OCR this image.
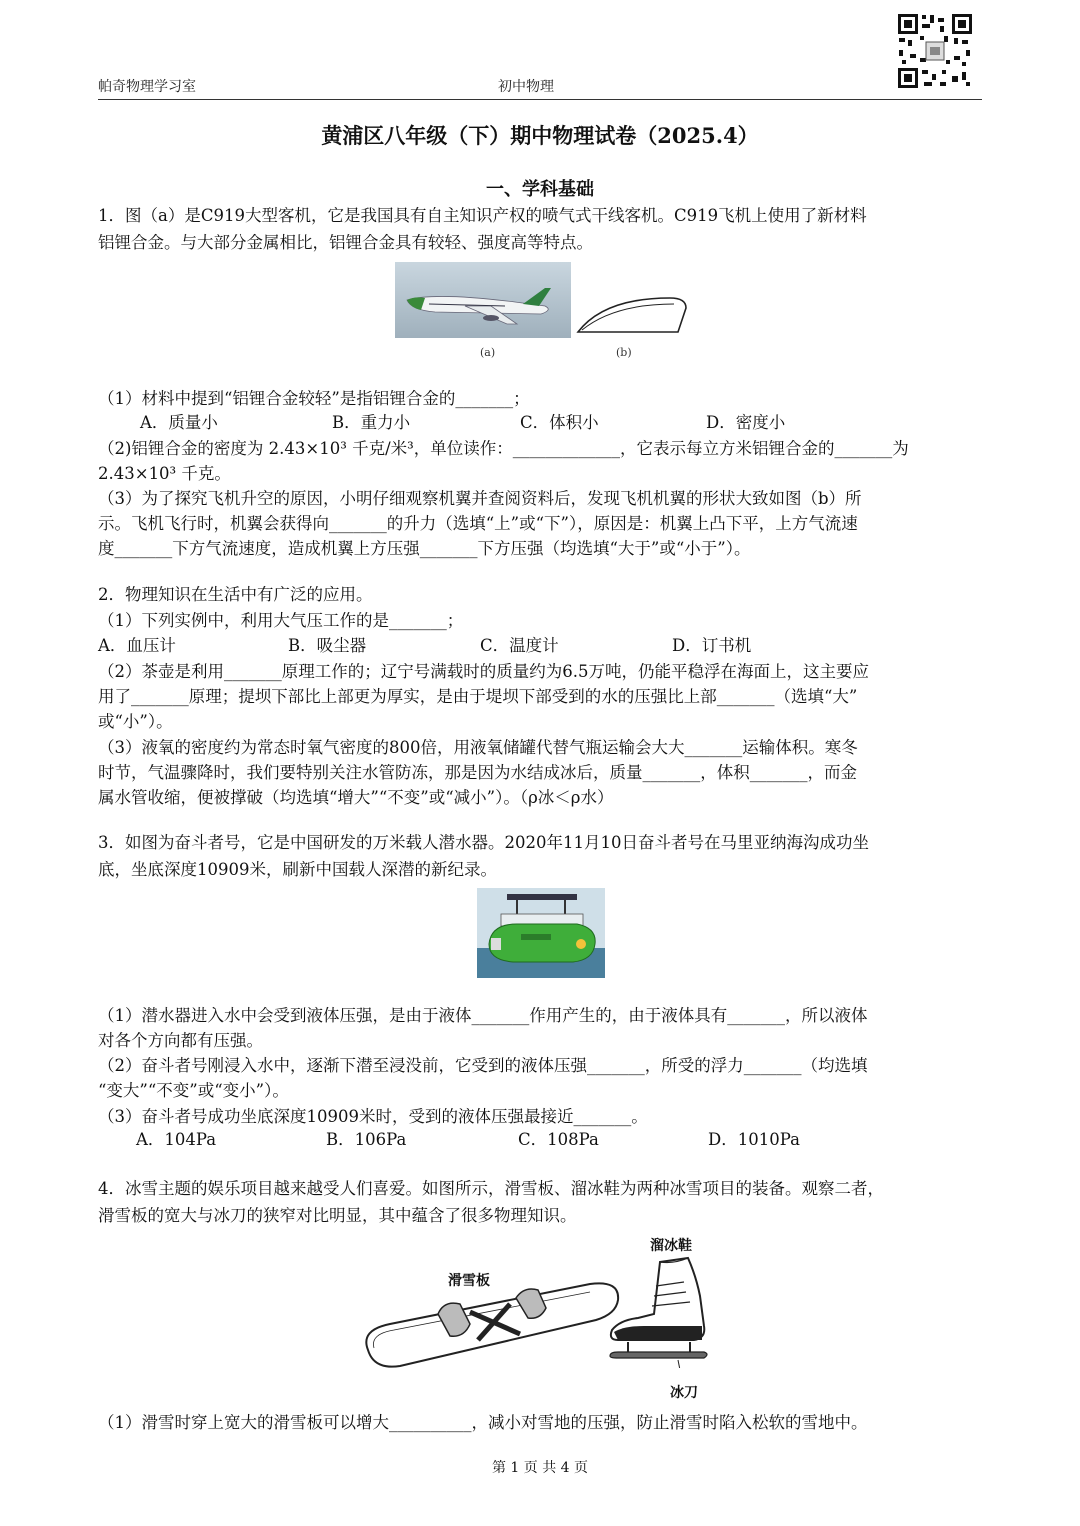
帕奇物理学习室	初中物理
黄浦区八年级（下）期中物理试卷（2025.4）
一、学科基础
1．图（a）是C919大型客机，它是我国具有自主知识产权的喷气式干线客机。C919飞机上使用了新材料
铝锂合金。与大部分金属相比，铝锂合金具有较轻、强度高等特点。
(a)	(b)
（1）材料中提到“铝锂合金较轻”是指铝锂合金的_______；
A．质量小	B．重力小	C．体积小	D．密度小
（2)铝锂合金的密度为 2.43×10³ 千克/米³，单位读作：_____________，它表示每立方米铝锂合金的_______为
2.43×10³ 千克。
（3）为了探究飞机升空的原因，小明仔细观察机翼并查阅资料后，发现飞机机翼的形状大致如图（b）所
示。飞机飞行时，机翼会获得向_______的升力（选填“上”或“下”），原因是：机翼上凸下平，上方气流速
度_______下方气流速度，造成机翼上方压强_______下方压强（均选填“大于”或“小于”）。
2．物理知识在生活中有广泛的应用。
（1）下列实例中，利用大气压工作的是_______；
A．血压计	B．吸尘器	C．温度计	D．订书机
（2）茶壶是利用_______原理工作的；辽宁号满载时的质量约为6.5万吨，仍能平稳浮在海面上，这主要应
用了_______原理；提坝下部比上部更为厚实，是由于堤坝下部受到的水的压强比上部_______（选填“大”
或“小”）。
（3）液氧的密度约为常态时氧气密度的800倍，用液氧储罐代替气瓶运输会大大_______运输体积。寒冬
时节，气温骤降时，我们要特别关注水管防冻，那是因为水结成冰后，质量_______，体积_______，而金
属水管收缩，便被撑破（均选填“增大”“不变”或“减小”）。（ρ冰＜ρ水）
3．如图为奋斗者号，它是中国研发的万米载人潜水器。2020年11月10日奋斗者号在马里亚纳海沟成功坐
底，坐底深度10909米，刷新中国载人深潜的新纪录。
（1）潜水器进入水中会受到液体压强，是由于液体_______作用产生的，由于液体具有_______，所以液体
对各个方向都有压强。
（2）奋斗者号刚浸入水中，逐渐下潜至浸没前，它受到的液体压强_______，所受的浮力_______（均选填
“变大”“不变”或“变小”）。
（3）奋斗者号成功坐底深度10909米时，受到的液体压强最接近_______。
A．104Pa	B．106Pa	C．108Pa	D．1010Pa
4．冰雪主题的娱乐项目越来越受人们喜爱。如图所示，滑雪板、溜冰鞋为两种冰雪项目的装备。观察二者，
滑雪板的宽大与冰刀的狭窄对比明显，其中蕴含了很多物理知识。
溜冰鞋
滑雪板
冰刀
（1）滑雪时穿上宽大的滑雪板可以增大__________，减小对雪地的压强，防止滑雪时陷入松软的雪地中。
第 1 页 共 4 页
